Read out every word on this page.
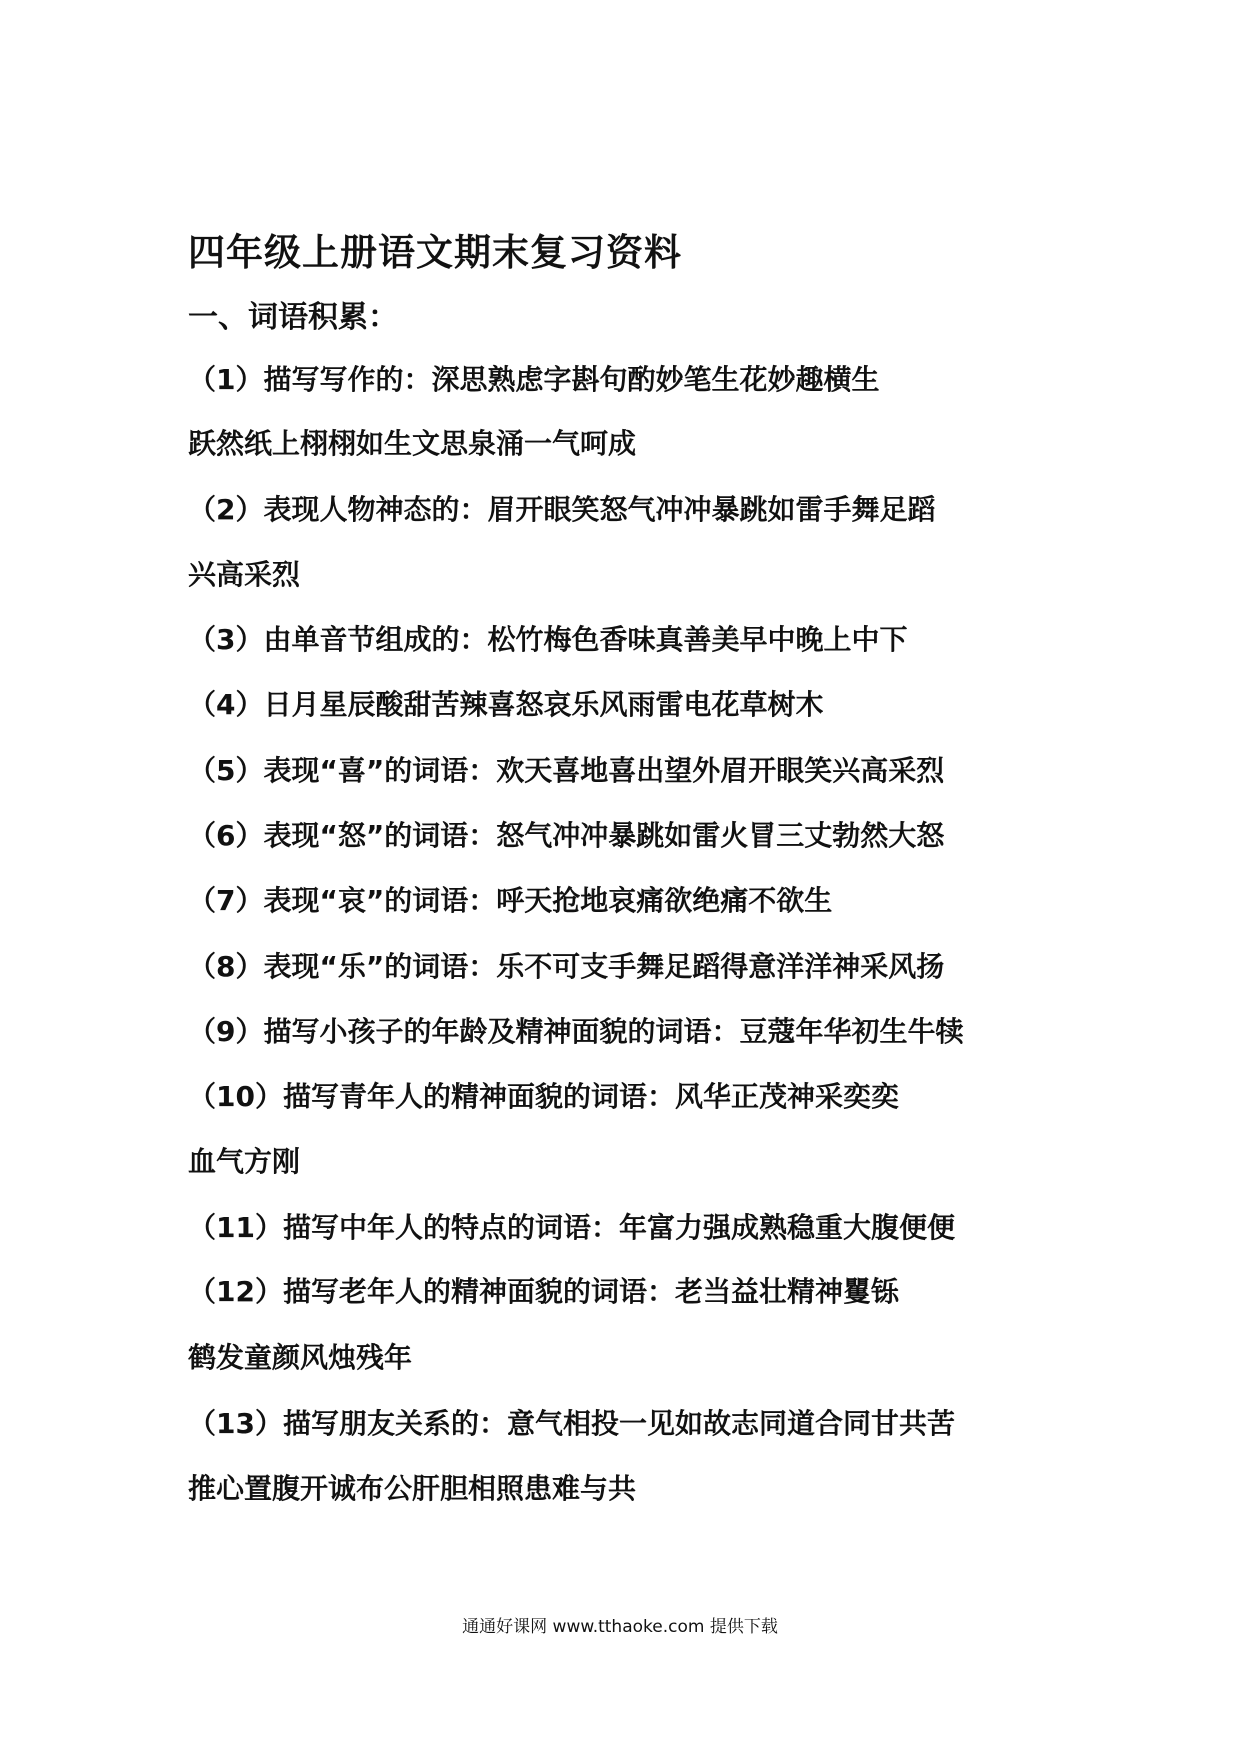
四年级上册语文期末复习资料
一、词语积累：
（1）描写写作的：深思熟虑字斟句酌妙笔生花妙趣横生
跃然纸上栩栩如生文思泉涌一气呵成
（2）表现人物神态的：眉开眼笑怒气冲冲暴跳如雷手舞足蹈
兴高采烈
（3）由单音节组成的：松竹梅色香味真善美早中晚上中下
（4）日月星辰酸甜苦辣喜怒哀乐风雨雷电花草树木
（5）表现“喜”的词语：欢天喜地喜出望外眉开眼笑兴高采烈
（6）表现“怒”的词语：怒气冲冲暴跳如雷火冒三丈勃然大怒
（7）表现“哀”的词语：呼天抢地哀痛欲绝痛不欲生
（8）表现“乐”的词语：乐不可支手舞足蹈得意洋洋神采风扬
（9）描写小孩子的年龄及精神面貌的词语：豆蔻年华初生牛犊
（10）描写青年人的精神面貌的词语：风华正茂神采奕奕
血气方刚
（11）描写中年人的特点的词语：年富力强成熟稳重大腹便便
（12）描写老年人的精神面貌的词语：老当益壮精神矍铄
鹤发童颜风烛残年
（13）描写朋友关系的：意气相投一见如故志同道合同甘共苦
推心置腹开诚布公肝胆相照患难与共
通通好课网 www.tthaoke.com 提供下载
